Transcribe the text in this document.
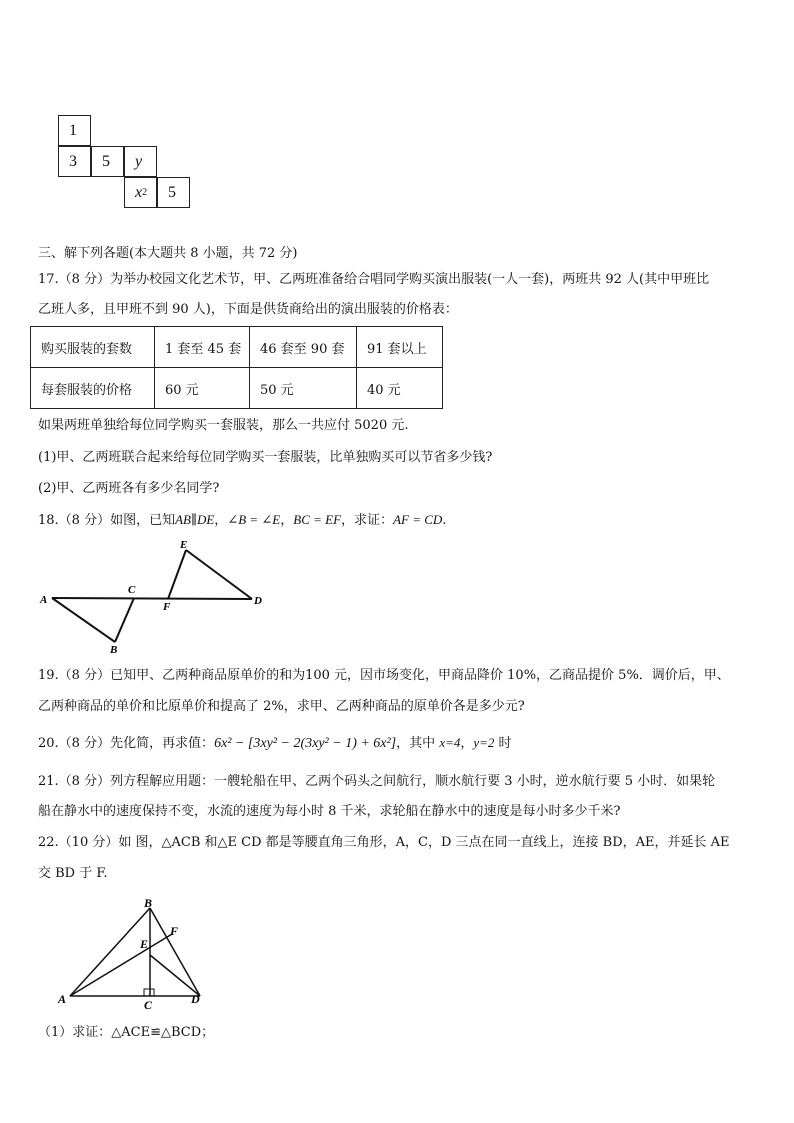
1
3 5 y
x 2 5
三、解下列各题(本大题共 8 小题，共 72 分)
17.（8 分）为举办校园文化艺术节，甲、乙两班准备给合唱同学购买演出服装(一人一套)，两班共 92 人(其中甲班比
乙班人多，且甲班不到 90 人)，下面是供货商给出的演出服装的价格表：
购买服装的套数	1 套至 45 套	46 套至 90 套	91 套以上
每套服装的价格	60 元	50 元	40 元
如果两班单独给每位同学购买一套服装，那么一共应付 5020 元.
(1)甲、乙两班联合起来给每位同学购买一套服装，比单独购买可以节省多少钱?
(2)甲、乙两班各有多少名同学?
18.（8 分）如图，已知AB∥DE，∠B = ∠E，BC = EF，求证：AF = CD.
A
B
C
D
E
F
19.（8 分）已知甲、乙两种商品原单价的和为100 元，因市场变化，甲商品降价 10%，乙商品提价 5%．调价后，甲、
乙两种商品的单价和比原单价和提高了 2%，求甲、乙两种商品的原单价各是多少元?
20.（8 分）先化简，再求值：6x² − [3xy² − 2(3xy² − 1) + 6x²]，其中 x=4，y=2 时
21.（8 分）列方程解应用题：一艘轮船在甲、乙两个码头之间航行，顺水航行要 3 小时，逆水航行要 5 小时．如果轮
船在静水中的速度保持不变，水流的速度为每小时 8 千米，求轮船在静水中的速度是每小时多少千米?
22.（10 分）如 图，△ACB 和△E CD 都是等腰直角三角形，A，C，D 三点在同一直线上，连接 BD，AE，并延长 AE
交 BD 于 F.
A
B
C	D
E
F
（1）求证：△ACE≌△BCD；
